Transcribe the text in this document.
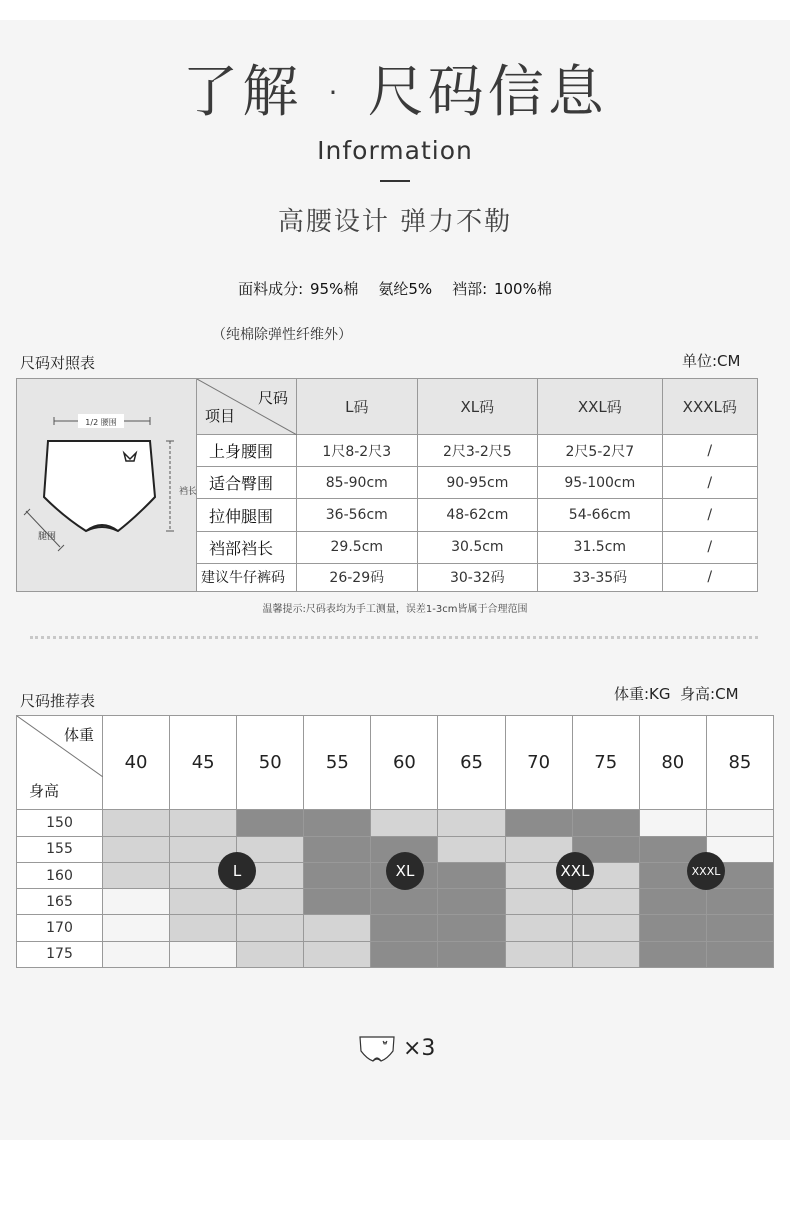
了解 · 尺码信息
Information
高腰设计 弹力不勒
面料成分: 95%棉 氨纶5% 裆部: 100%棉
（纯棉除弹性纤维外）
尺码对照表	单位:CM
1/2 腰围
裆长
腿围	尺码
项目	L码	XL码	XXL码	XXXL码
	上身腰围	1尺8-2尺3	2尺3-2尺5	2尺5-2尺7	/
	适合臀围	85-90cm	90-95cm	95-100cm	/
	拉伸腿围	36-56cm	48-62cm	54-66cm	/
	裆部裆长	29.5cm	30.5cm	31.5cm	/
	建议牛仔裤码	26-29码	30-32码	33-35码	/
温馨提示:尺码表均为手工测量，误差1-3cm皆属于合理范围
尺码推荐表	体重:KG  身高:CM
体重
身高	40	45	50	55	60	65	70	75	80	85
150										
155										
160										
165										
170										
175										
L	XL	XXL	XXXL
×3
